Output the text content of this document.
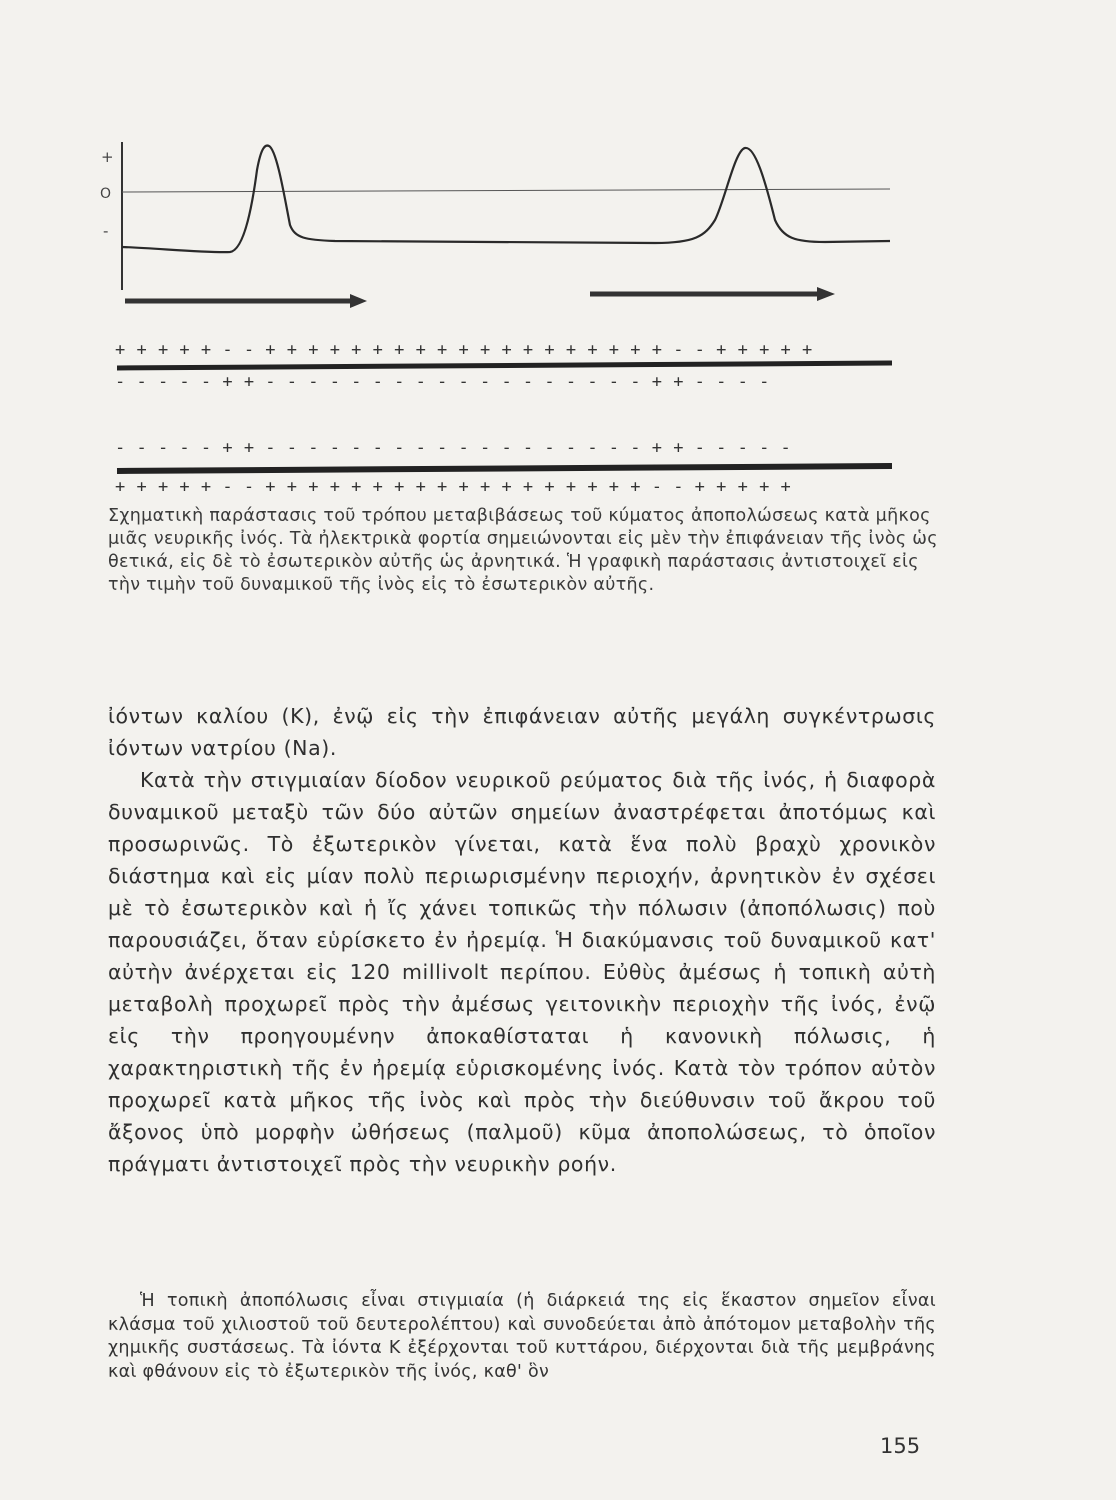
+
O
-
+ + + + + - - + + + + + + + + + + + + + + + + + + + - - + + + + +
- - - - - + + - - - - - - - - - - - - - - - - - - + + - - - -
- - - - - + + - - - - - - - - - - - - - - - - - - + + - - - - -
+ + + + + - - + + + + + + + + + + + + + + + + + + - - + + + + +
Σχηματικὴ παράστασις τοῦ τρόπου μεταβιβάσεως τοῦ κύματος ἀποπολώσεως κατὰ μῆκος μιᾶς νευρικῆς ἰνός. Τὰ ἠλεκτρικὰ φορτία σημειώνονται εἰς μὲν τὴν ἐπιφάνειαν τῆς ἰνὸς ὡς θετικά, εἰς δὲ τὸ ἐσωτερικὸν αὐτῆς ὡς ἀρνητικά. Ἡ γραφικὴ παράστασις ἀντιστοιχεῖ εἰς τὴν τιμὴν τοῦ δυναμικοῦ τῆς ἰνὸς εἰς τὸ ἐσωτερικὸν αὐτῆς.

ἰόντων καλίου (Κ), ἐνῷ εἰς τὴν ἐπιφάνειαν αὐτῆς μεγάλη συγκέντρωσις ἰόντων νατρίου (Na).

Κατὰ τὴν στιγμιαίαν δίοδον νευρικοῦ ρεύματος διὰ τῆς ἰνός, ἡ διαφορὰ δυναμικοῦ μεταξὺ τῶν δύο αὐτῶν σημείων ἀναστρέφεται ἀποτόμως καὶ προσωρινῶς. Τὸ ἐξωτερικὸν γίνεται, κατὰ ἕνα πολὺ βραχὺ χρονικὸν διάστημα καὶ εἰς μίαν πολὺ περιωρισμένην περιοχήν, ἀρνητικὸν ἐν σχέσει μὲ τὸ ἐσωτερικὸν καὶ ἡ ἴς χάνει τοπικῶς τὴν πόλωσιν (ἀποπόλωσις) ποὺ παρουσιάζει, ὅταν εὑρίσκετο ἐν ἠρεμίᾳ. Ἡ διακύμανσις τοῦ δυναμικοῦ κατ' αὐτὴν ἀνέρχεται εἰς 120 millivolt περίπου. Εὐθὺς ἀμέσως ἡ τοπικὴ αὐτὴ μεταβολὴ προχωρεῖ πρὸς τὴν ἀμέσως γειτονικὴν περιοχὴν τῆς ἰνός, ἐνῷ εἰς τὴν προηγουμένην ἀποκαθίσταται ἡ κανονικὴ πόλωσις, ἡ χαρακτηριστικὴ τῆς ἐν ἠρεμίᾳ εὑρισκομένης ἰνός. Κατὰ τὸν τρόπον αὐτὸν προχωρεῖ κατὰ μῆκος τῆς ἰνὸς καὶ πρὸς τὴν διεύθυνσιν τοῦ ἄκρου τοῦ ἄξονος ὑπὸ μορφὴν ὠθήσεως (παλμοῦ) κῦμα ἀποπολώσεως, τὸ ὁποῖον πράγματι ἀντιστοιχεῖ πρὸς τὴν νευρικὴν ροήν.

Ἡ τοπικὴ ἀποπόλωσις εἶναι στιγμιαία (ἡ διάρκειά της εἰς ἕκαστον σημεῖον εἶναι κλάσμα τοῦ χιλιοστοῦ τοῦ δευτερολέπτου) καὶ συνοδεύεται ἀπὸ ἀπότομον μεταβολὴν τῆς χημικῆς συστάσεως. Τὰ ἰόντα Κ ἐξέρχονται τοῦ κυττάρου, διέρχονται διὰ τῆς μεμβράνης καὶ φθάνουν εἰς τὸ ἐξωτερικὸν τῆς ἰνός, καθ' ὃν

155
